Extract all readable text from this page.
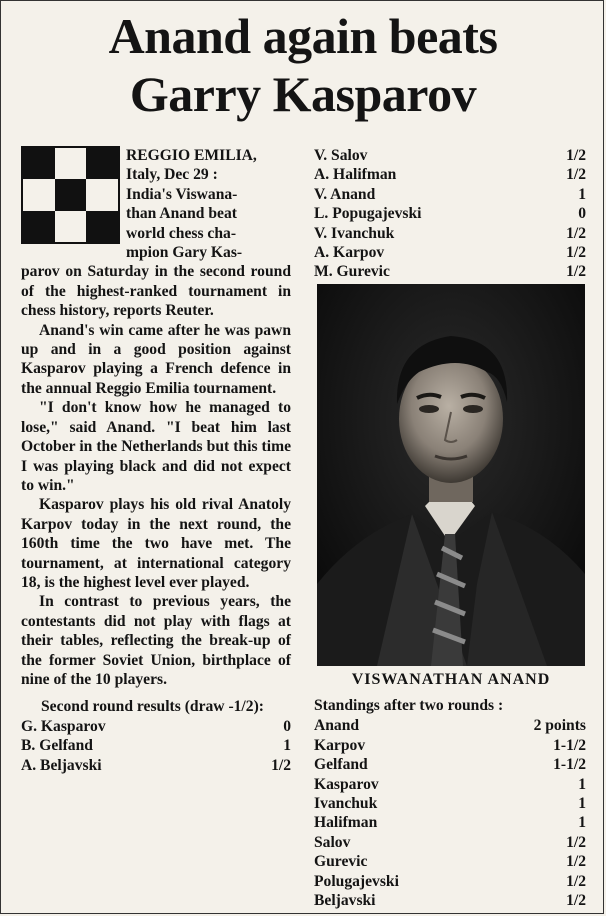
Anand again beats
Garry Kasparov
REGGIO EMILIA,
Italy, Dec 29 :
India's Viswana-
than Anand beat
world chess cha-
mpion Gary Kas-

parov on Saturday in the second round of the highest-ranked tournament in chess history, reports Reuter.

Anand's win came after he was pawn up and in a good position against Kasparov playing a French defence in the annual Reggio Emilia tournament.

"I don't know how he managed to lose," said Anand. "I beat him last October in the Netherlands but this time I was playing black and did not expect to win."

Kasparov plays his old rival Anatoly Karpov today in the next round, the 160th time the two have met. The tournament, at international category 18, is the highest level ever played.

In contrast to previous years, the contestants did not play with flags at their tables, reflecting the break-up of the former Soviet Union, birthplace of nine of the 10 players.

Second round results (draw -1/2):
G. Kasparov	0
B. Gelfand	1
A. Beljavski	1/2
V. Salov	1/2
A. Halifman	1/2
V. Anand	1
L. Popugajevski	0
V. Ivanchuk	1/2
A. Karpov	1/2
M. Gurevic	1/2
VISWANATHAN ANAND
Standings after two rounds :
Anand	2 points
Karpov	1-1/2
Gelfand	1-1/2
Kasparov	1
Ivanchuk	1
Halifman	1
Salov	1/2
Gurevic	1/2
Polugajevski	1/2
Beljavski	1/2
